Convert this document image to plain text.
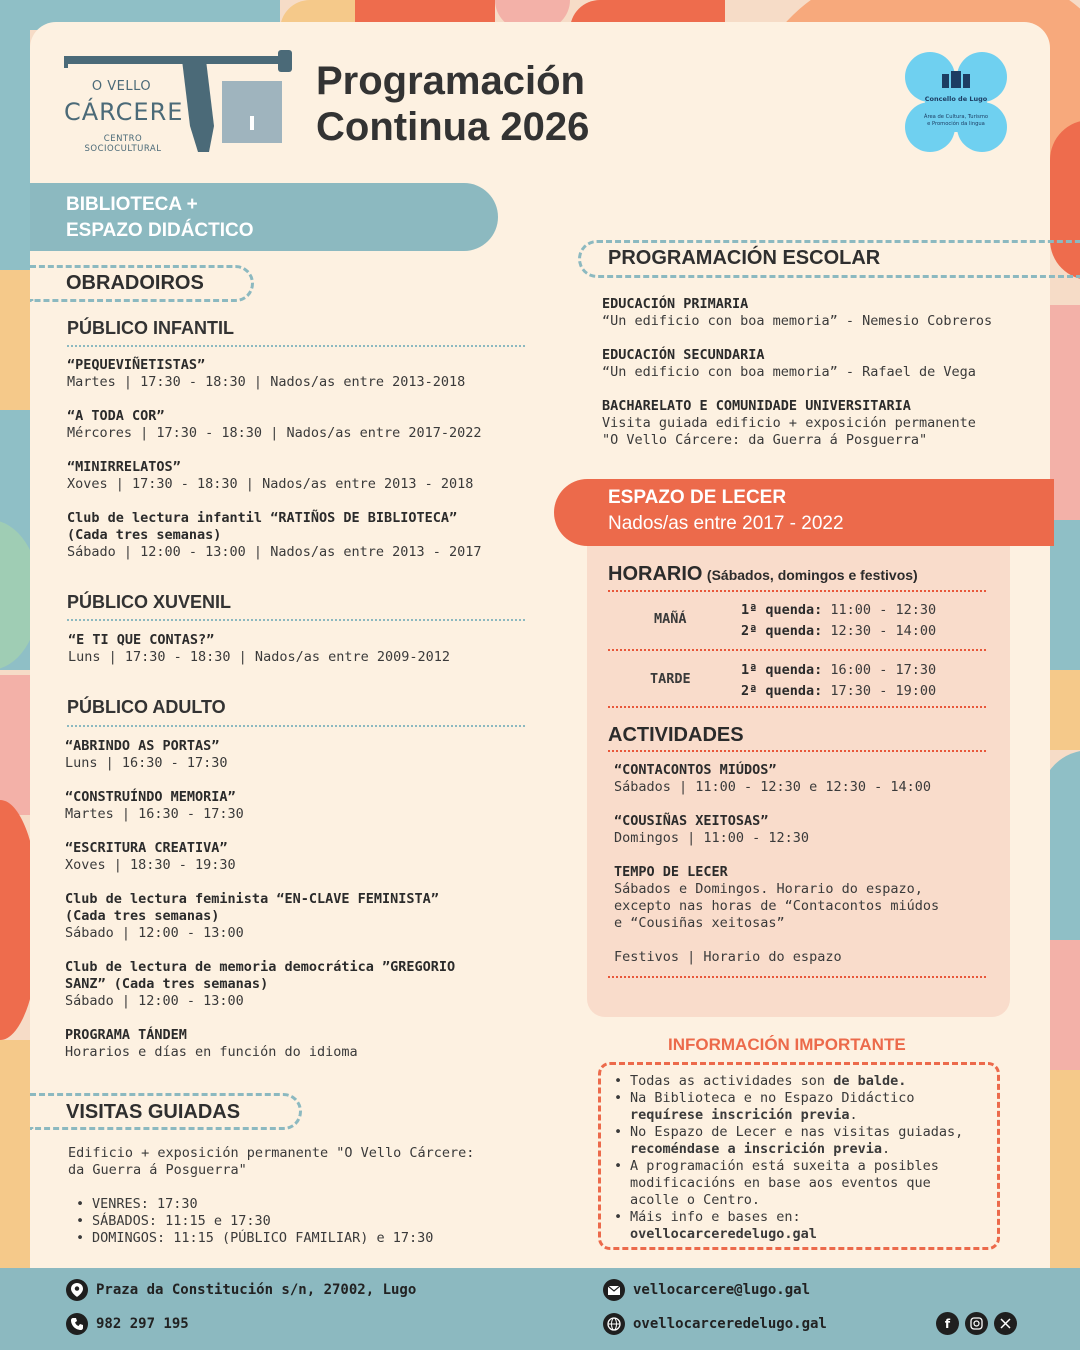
O VELLO
CÁRCERE
CENTRO SOCIOCULTURAL
Programación
Continua 2026
Concello de Lugo
Área de Cultura, Turismo
e Promoción da lingua
BIBLIOTECA +
ESPAZO DIDÁCTICO
OBRADOIROS
PÚBLICO INFANTIL
“PEQUEVIÑETISTAS”
Martes | 17:30 - 18:30 | Nados/as entre 2013-2018
“A TODA COR”
Mércores | 17:30 - 18:30 | Nados/as entre 2017-2022
“MINIRRELATOS”
Xoves | 17:30 - 18:30 | Nados/as entre 2013 - 2018
Club de lectura infantil “RATIÑOS DE BIBLIOTECA”
(Cada tres semanas)
Sábado | 12:00 - 13:00 | Nados/as entre 2013 - 2017
PÚBLICO XUVENIL
“E TI QUE CONTAS?”
Luns | 17:30 - 18:30 | Nados/as entre 2009-2012
PÚBLICO ADULTO
“ABRINDO AS PORTAS”
Luns | 16:30 - 17:30
“CONSTRUÍNDO MEMORIA”
Martes | 16:30 - 17:30
“ESCRITURA CREATIVA”
Xoves | 18:30 - 19:30
Club de lectura feminista “EN-CLAVE FEMINISTA”
(Cada tres semanas)
Sábado | 12:00 - 13:00
Club de lectura de memoria democrática ”GREGORIO
SANZ” (Cada tres semanas)
Sábado | 12:00 - 13:00
PROGRAMA TÁNDEM
Horarios e días en función do idioma
VISITAS GUIADAS
Edificio + exposición permanente "O Vello Cárcere:
da Guerra á Posguerra"
• VENRES: 17:30
• SÁBADOS: 11:15 e 17:30
• DOMINGOS: 11:15 (PÚBLICO FAMILIAR) e 17:30
PROGRAMACIÓN ESCOLAR
EDUCACIÓN PRIMARIA
“Un edificio con boa memoria” - Nemesio Cobreros
EDUCACIÓN SECUNDARIA
“Un edificio con boa memoria” - Rafael de Vega
BACHARELATO E COMUNIDADE UNIVERSITARIA
Visita guiada edificio + exposición permanente
"O Vello Cárcere: da Guerra á Posguerra"
ESPAZO DE LECER
Nados/as entre 2017 - 2022
HORARIO (Sábados, domingos e festivos)
MAÑÁ
1ª quenda: 11:00 - 12:30
2ª quenda: 12:30 - 14:00
TARDE
1ª quenda: 16:00 - 17:30
2ª quenda: 17:30 - 19:00
ACTIVIDADES
“CONTACONTOS MIÚDOS”
Sábados | 11:00 - 12:30 e 12:30 - 14:00
“COUSIÑAS XEITOSAS”
Domingos | 11:00 - 12:30
TEMPO DE LECER
Sábados e Domingos. Horario do espazo,
excepto nas horas de “Contacontos miúdos
e “Cousiñas xeitosas”
Festivos | Horario do espazo
INFORMACIÓN IMPORTANTE
• Todas as actividades son de balde.
• Na Biblioteca e no Espazo Didáctico
requírese inscrición previa.
• No Espazo de Lecer e nas visitas guiadas,
recoméndase a inscrición previa.
• A programación está suxeita a posibles
modificacións en base aos eventos que
acolle o Centro.
• Máis info e bases en:
ovellocarceredelugo.gal
Praza da Constitución s/n, 27002, Lugo
982 297 195
vellocarcere@lugo.gal
ovellocarceredelugo.gal	f
